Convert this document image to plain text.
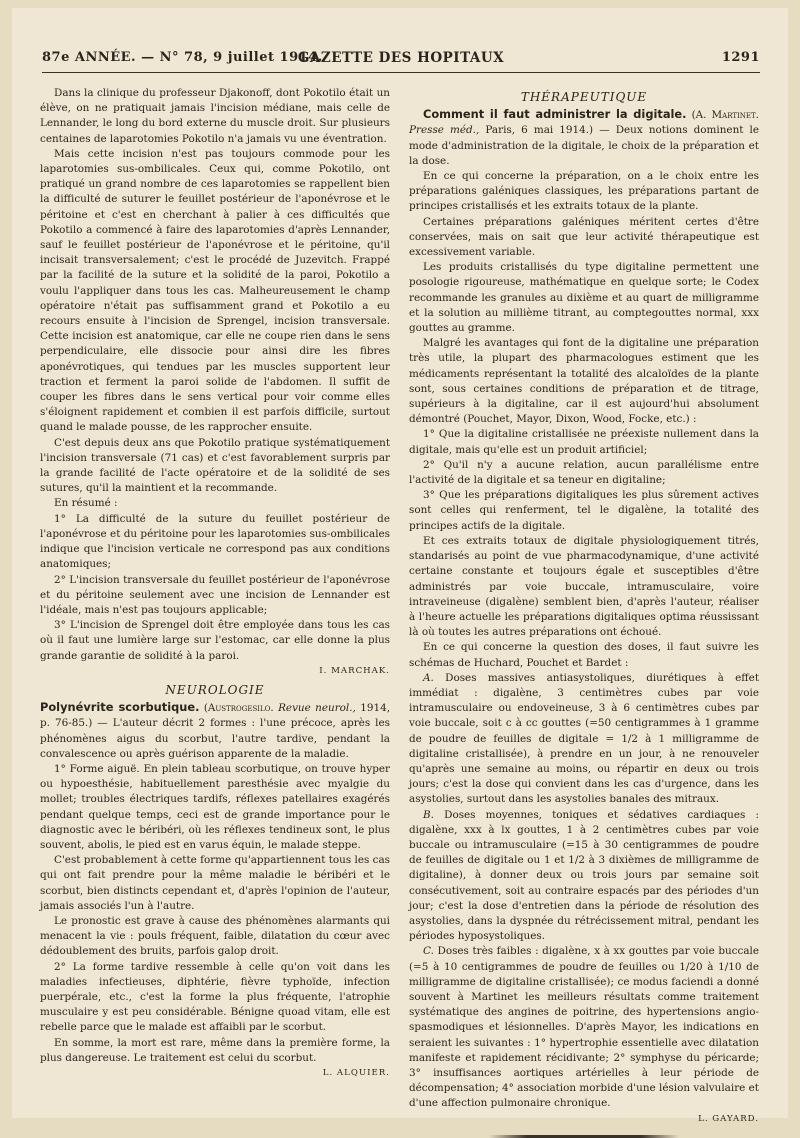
87e ANNÉE. — N° 78, 9 juillet 1914.
GAZETTE DES HOPITAUX	1291

Dans la clinique du professeur Djakonoff, dont Pokotilo était un élève, on ne pratiquait jamais l'incision médiane, mais celle de Lennander, le long du bord externe du muscle droit. Sur plusieurs centaines de laparotomies Pokotilo n'a jamais vu une éventration.

Mais cette incision n'est pas toujours commode pour les laparotomies sus-ombilicales. Ceux qui, comme Pokotilo, ont pratiqué un grand nombre de ces laparotomies se rappellent bien la difficulté de suturer le feuillet postérieur de l'aponévrose et le péritoine et c'est en cherchant à palier à ces difficultés que Pokotilo a commencé à faire des laparotomies d'après Lennander, sauf le feuillet postérieur de l'aponévrose et le péritoine, qu'il incisait transversalement; c'est le procédé de Juzevitch. Frappé par la facilité de la suture et la solidité de la paroi, Pokotilo a voulu l'appliquer dans tous les cas. Malheureusement le champ opératoire n'était pas suffisamment grand et Pokotilo a eu recours ensuite à l'incision de Sprengel, incision transversale. Cette incision est anatomique, car elle ne coupe rien dans le sens perpendiculaire, elle dissocie pour ainsi dire les fibres aponévrotiques, qui tendues par les muscles supportent leur traction et ferment la paroi solide de l'abdomen. Il suffit de couper les fibres dans le sens vertical pour voir comme elles s'éloignent rapidement et combien il est parfois difficile, surtout quand le malade pousse, de les rapprocher ensuite.

C'est depuis deux ans que Pokotilo pratique systématiquement l'incision transversale (71 cas) et c'est favorablement surpris par la grande facilité de l'acte opératoire et de la solidité de ses sutures, qu'il la maintient et la recommande.

En résumé :

1° La difficulté de la suture du feuillet postérieur de l'aponévrose et du péritoine pour les laparotomies sus-ombilicales indique que l'incision verticale ne correspond pas aux conditions anatomiques;

2° L'incision transversale du feuillet postérieur de l'aponévrose et du péritoine seulement avec une incision de Lennander est l'idéale, mais n'est pas toujours applicable;

3° L'incision de Sprengel doit être employée dans tous les cas où il faut une lumière large sur l'estomac, car elle donne la plus grande garantie de solidité à la paroi.

I. MARCHAK.

NEUROLOGIE

Polynévrite scorbutique. (Austrogesilo. Revue neurol., 1914, p. 76-85.) — L'auteur décrit 2 formes : l'une précoce, après les phénomènes aigus du scorbut, l'autre tardive, pendant la convalescence ou après guérison apparente de la maladie.

1° Forme aiguë. En plein tableau scorbutique, on trouve hyper ou hypoesthésie, habituellement paresthésie avec myalgie du mollet; troubles électriques tardifs, réflexes patellaires exagérés pendant quelque temps, ceci est de grande importance pour le diagnostic avec le béribéri, où les réflexes tendineux sont, le plus souvent, abolis, le pied est en varus équin, le malade steppe.

C'est probablement à cette forme qu'appartiennent tous les cas qui ont fait prendre pour la même maladie le béribéri et le scorbut, bien distincts cependant et, d'après l'opinion de l'auteur, jamais associés l'un à l'autre.

Le pronostic est grave à cause des phénomènes alarmants qui menacent la vie : pouls fréquent, faible, dilatation du cœur avec dédoublement des bruits, parfois galop droit.

2° La forme tardive ressemble à celle qu'on voit dans les maladies infectieuses, diphtérie, fièvre typhoïde, infection puerpérale, etc., c'est la forme la plus fréquente, l'atrophie musculaire y est peu considérable. Bénigne quoad vitam, elle est rebelle parce que le malade est affaibli par le scorbut.

En somme, la mort est rare, même dans la première forme, la plus dangereuse. Le traitement est celui du scorbut.

L. ALQUIER.

THÉRAPEUTIQUE

Comment il faut administrer la digitale. (A. Martinet. Presse méd., Paris, 6 mai 1914.) — Deux notions dominent le mode d'administration de la digitale, le choix de la préparation et la dose.

En ce qui concerne la préparation, on a le choix entre les préparations galéniques classiques, les préparations partant de principes cristallisés et les extraits totaux de la plante.

Certaines préparations galéniques méritent certes d'être conservées, mais on sait que leur activité thérapeutique est excessivement variable.

Les produits cristallisés du type digitaline permettent une posologie rigoureuse, mathématique en quelque sorte; le Codex recommande les granules au dixième et au quart de milligramme et la solution au millième titrant, au comptegouttes normal, xxx gouttes au gramme.

Malgré les avantages qui font de la digitaline une préparation très utile, la plupart des pharmacologues estiment que les médicaments représentant la totalité des alcaloïdes de la plante sont, sous certaines conditions de préparation et de titrage, supérieurs à la digitaline, car il est aujourd'hui absolument démontré (Pouchet, Mayor, Dixon, Wood, Focke, etc.) :

1° Que la digitaline cristallisée ne préexiste nullement dans la digitale, mais qu'elle est un produit artificiel;

2° Qu'il n'y a aucune relation, aucun parallélisme entre l'activité de la digitale et sa teneur en digitaline;

3° Que les préparations digitaliques les plus sûrement actives sont celles qui renferment, tel le digalène, la totalité des principes actifs de la digitale.

Et ces extraits totaux de digitale physiologiquement titrés, standarisés au point de vue pharmacodynamique, d'une activité certaine constante et toujours égale et susceptibles d'être administrés par voie buccale, intramusculaire, voire intraveineuse (digalène) semblent bien, d'après l'auteur, réaliser à l'heure actuelle les préparations digitaliques optima réussissant là où toutes les autres préparations ont échoué.

En ce qui concerne la question des doses, il faut suivre les schémas de Huchard, Pouchet et Bardet :

A. Doses massives antiasystoliques, diurétiques à effet immédiat : digalène, 3 centimètres cubes par voie intramusculaire ou endoveineuse, 3 à 6 centimètres cubes par voie buccale, soit c à cc gouttes (=50 centigrammes à 1 gramme de poudre de feuilles de digitale = 1/2 à 1 milligramme de digitaline cristallisée), à prendre en un jour, à ne renouveler qu'après une semaine au moins, ou répartir en deux ou trois jours; c'est la dose qui convient dans les cas d'urgence, dans les asystolies, surtout dans les asystolies banales des mitraux.

B. Doses moyennes, toniques et sédatives cardiaques : digalène, xxx à lx gouttes, 1 à 2 centimètres cubes par voie buccale ou intramusculaire (=15 à 30 centigrammes de poudre de feuilles de digitale ou 1 et 1/2 à 3 dixièmes de milligramme de digitaline), à donner deux ou trois jours par semaine soit consécutivement, soit au contraire espacés par des périodes d'un jour; c'est la dose d'entretien dans la période de résolution des asystolies, dans la dyspnée du rétrécissement mitral, pendant les périodes hyposystoliques.

C. Doses très faibles : digalène, x à xx gouttes par voie buccale (=5 à 10 centigrammes de poudre de feuilles ou 1/20 à 1/10 de milligramme de digitaline cristallisée); ce modus faciendi a donné souvent à Martinet les meilleurs résultats comme traitement systématique des angines de poitrine, des hypertensions angio-spasmodiques et lésionnelles. D'après Mayor, les indications en seraient les suivantes : 1° hypertrophie essentielle avec dilatation manifeste et rapidement récidivante; 2° symphyse du péricarde; 3° insuffisances aortiques artérielles à leur période de décompensation; 4° association morbide d'une lésion valvulaire et d'une affection pulmonaire chronique.

L. GAYARD.
